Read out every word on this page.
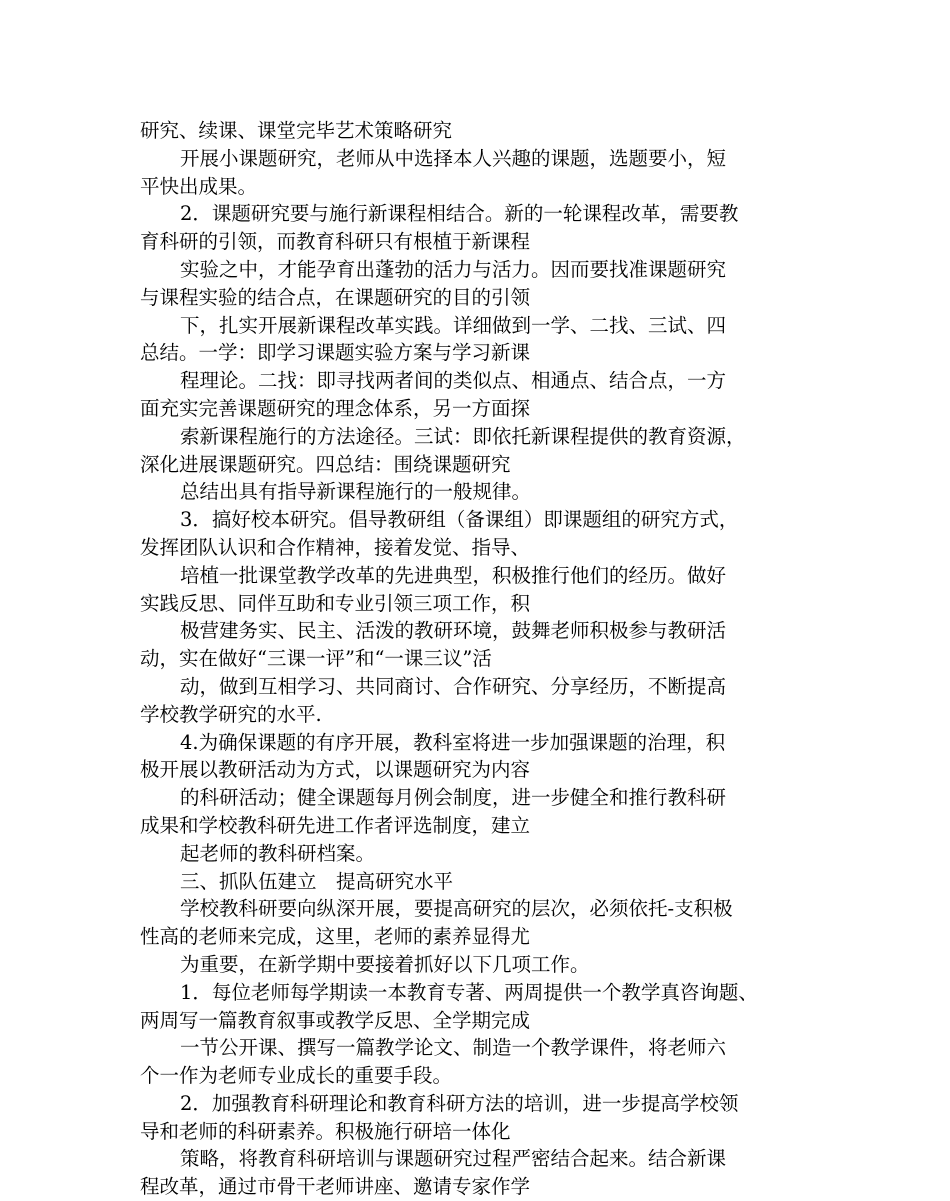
研究、续课、课堂完毕艺术策略研究
开展小课题研究，老师从中选择本人兴趣的课题，选题要小，短
平快出成果。
2．课题研究要与施行新课程相结合。新的一轮课程改革，需要教
育科研的引领，而教育科研只有根植于新课程
实验之中，才能孕育出蓬勃的活力与活力。因而要找准课题研究
与课程实验的结合点，在课题研究的目的引领
下，扎实开展新课程改革实践。详细做到一学、二找、三试、四
总结。一学：即学习课题实验方案与学习新课
程理论。二找：即寻找两者间的类似点、相通点、结合点，一方
面充实完善课题研究的理念体系，另一方面探
索新课程施行的方法途径。三试：即依托新课程提供的教育资源，
深化进展课题研究。四总结：围绕课题研究
总结出具有指导新课程施行的一般规律。
3．搞好校本研究。倡导教研组（备课组）即课题组的研究方式，
发挥团队认识和合作精神，接着发觉、指导、
培植一批课堂教学改革的先进典型，积极推行他们的经历。做好
实践反思、同伴互助和专业引领三项工作，积
极营建务实、民主、活泼的教研环境，鼓舞老师积极参与教研活
动，实在做好“三课一评”和“一课三议”活
动，做到互相学习、共同商讨、合作研究、分享经历，不断提高
学校教学研究的水平.
4.为确保课题的有序开展，教科室将进一步加强课题的治理，积
极开展以教研活动为方式，以课题研究为内容
的科研活动；健全课题每月例会制度，进一步健全和推行教科研
成果和学校教科研先进工作者评选制度，建立
起老师的教科研档案。
三、抓队伍建立　提高研究水平
学校教科研要向纵深开展，要提高研究的层次，必须依托-支积极
性高的老师来完成，这里，老师的素养显得尤
为重要，在新学期中要接着抓好以下几项工作。
1．每位老师每学期读一本教育专著、两周提供一个教学真咨询题、
两周写一篇教育叙事或教学反思、全学期完成
一节公开课、撰写一篇教学论文、制造一个教学课件，将老师六
个一作为老师专业成长的重要手段。
2．加强教育科研理论和教育科研方法的培训，进一步提高学校领
导和老师的科研素养。积极施行研培一体化
策略，将教育科研培训与课题研究过程严密结合起来。结合新课
程改革，通过市骨干老师讲座、邀请专家作学
